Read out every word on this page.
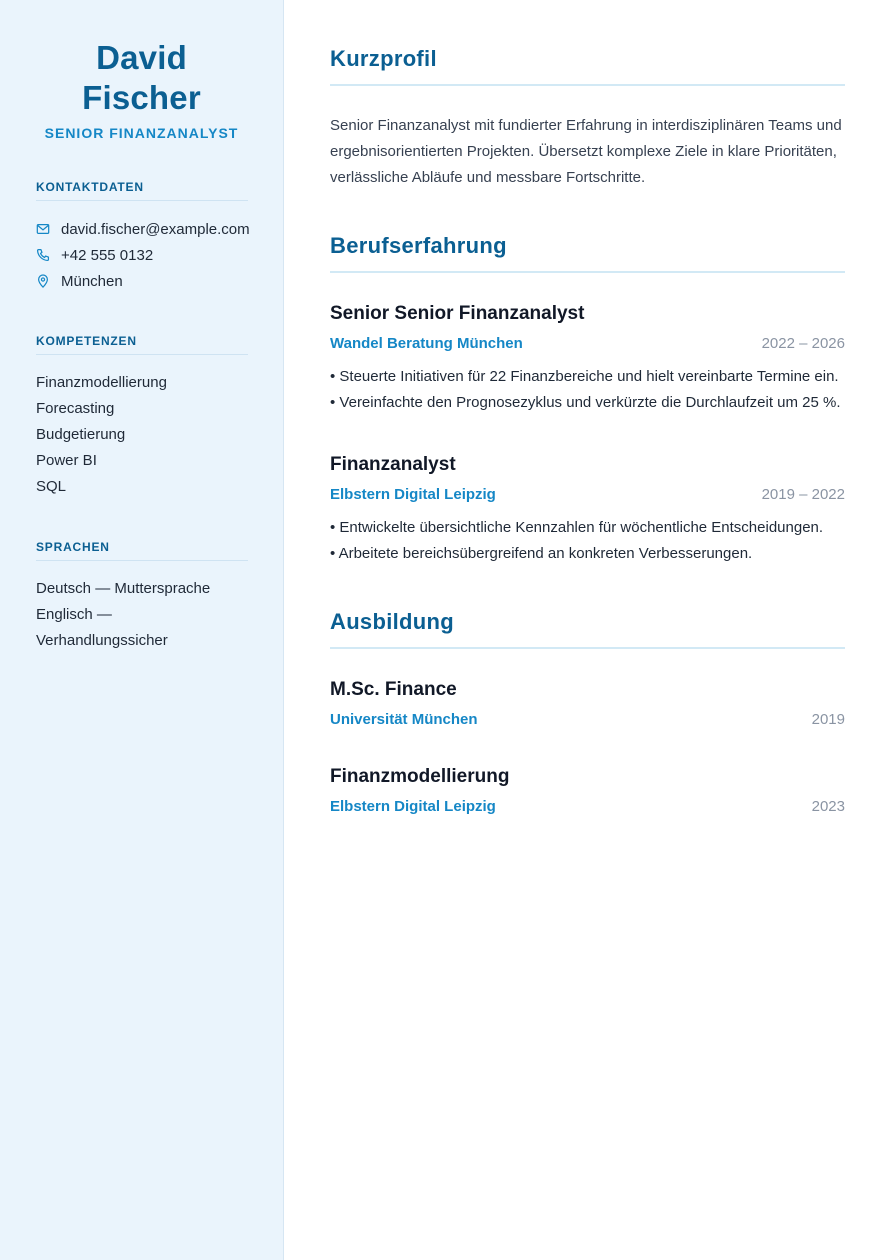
David Fischer
SENIOR FINANZANALYST
KONTAKTDATEN
david.fischer@example.com
+42 555 0132
München
KOMPETENZEN
Finanzmodellierung
Forecasting
Budgetierung
Power BI
SQL
SPRACHEN
Deutsch — Muttersprache
Englisch — Verhandlungssicher
Kurzprofil
Senior Finanzanalyst mit fundierter Erfahrung in interdisziplinären Teams und ergebnisorientierten Projekten. Übersetzt komplexe Ziele in klare Prioritäten, verlässliche Abläufe und messbare Fortschritte.
Berufserfahrung
Senior Senior Finanzanalyst
Wandel Beratung München	2022 – 2026
• Steuerte Initiativen für 22 Finanzbereiche und hielt vereinbarte Termine ein.
• Vereinfachte den Prognosezyklus und verkürzte die Durchlaufzeit um 25 %.
Finanzanalyst
Elbstern Digital Leipzig	2019 – 2022
• Entwickelte übersichtliche Kennzahlen für wöchentliche Entscheidungen.
• Arbeitete bereichsübergreifend an konkreten Verbesserungen.
Ausbildung
M.Sc. Finance
Universität München	2019
Finanzmodellierung
Elbstern Digital Leipzig	2023
